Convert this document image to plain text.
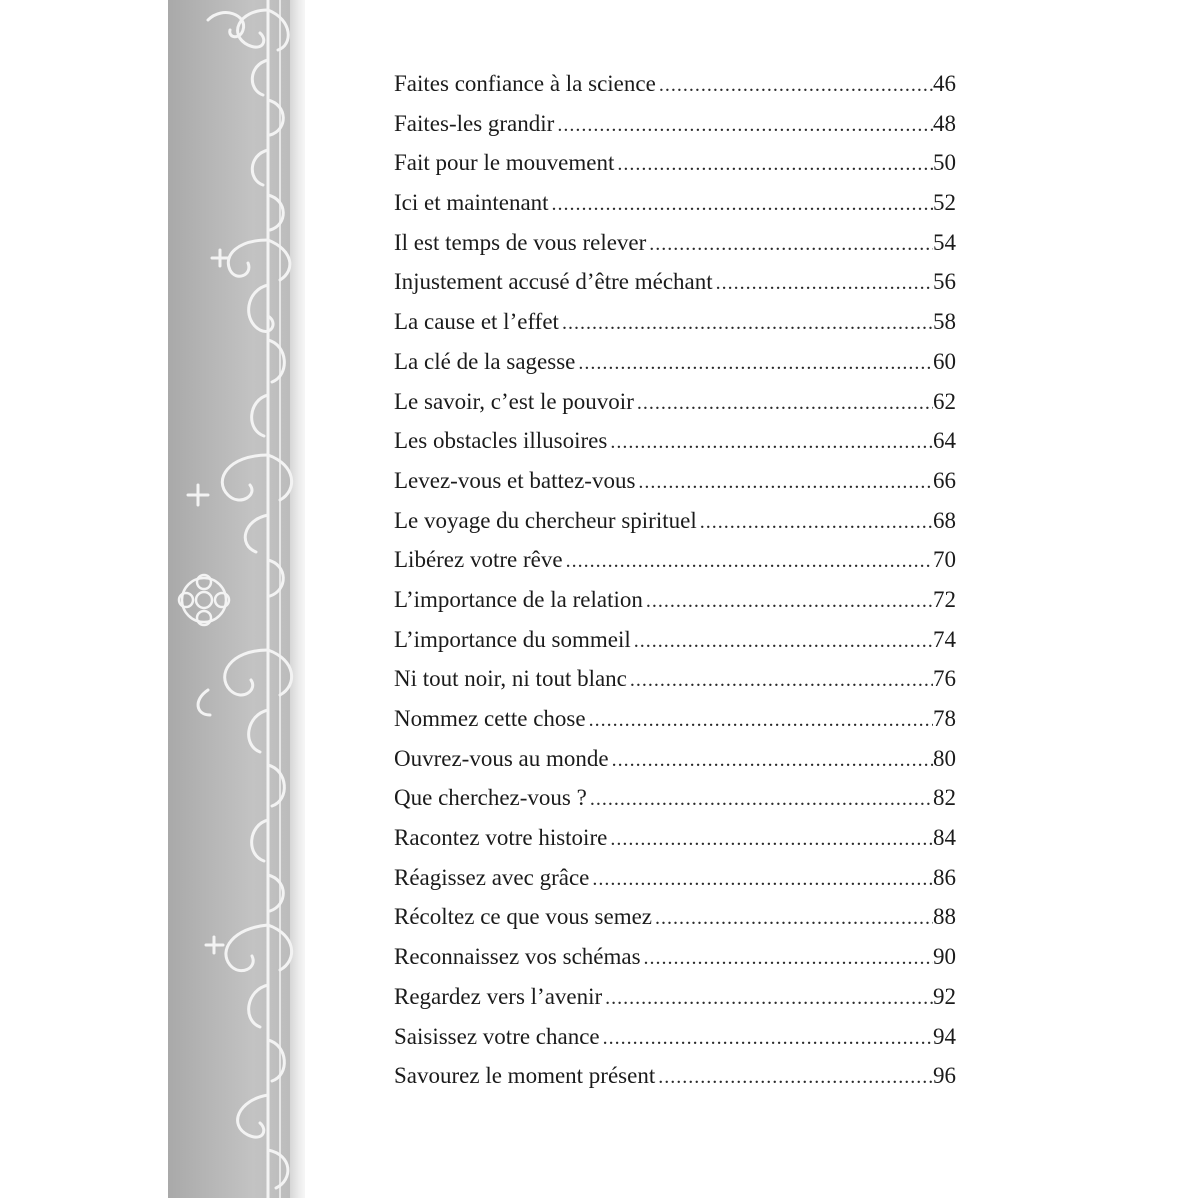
Faites confiance à la science .....	46
Faites-les grandir .....	48
Fait pour le mouvement .....	50
Ici et maintenant .....	52
Il est temps de vous relever .....	54
Injustement accusé d’être méchant .....	56
La cause et l’effet .....	58
La clé de la sagesse .....	60
Le savoir, c’est le pouvoir .....	62
Les obstacles illusoires .....	64
Levez-vous et battez-vous .....	66
Le voyage du chercheur spirituel .....	68
Libérez votre rêve .....	70
L’importance de la relation .....	72
L’importance du sommeil .....	74
Ni tout noir, ni tout blanc .....	76
Nommez cette chose .....	78
Ouvrez-vous au monde .....	80
Que cherchez-vous ? .....	82
Racontez votre histoire .....	84
Réagissez avec grâce .....	86
Récoltez ce que vous semez .....	88
Reconnaissez vos schémas .....	90
Regardez vers l’avenir .....	92
Saisissez votre chance .....	94
Savourez le moment présent .....	96
